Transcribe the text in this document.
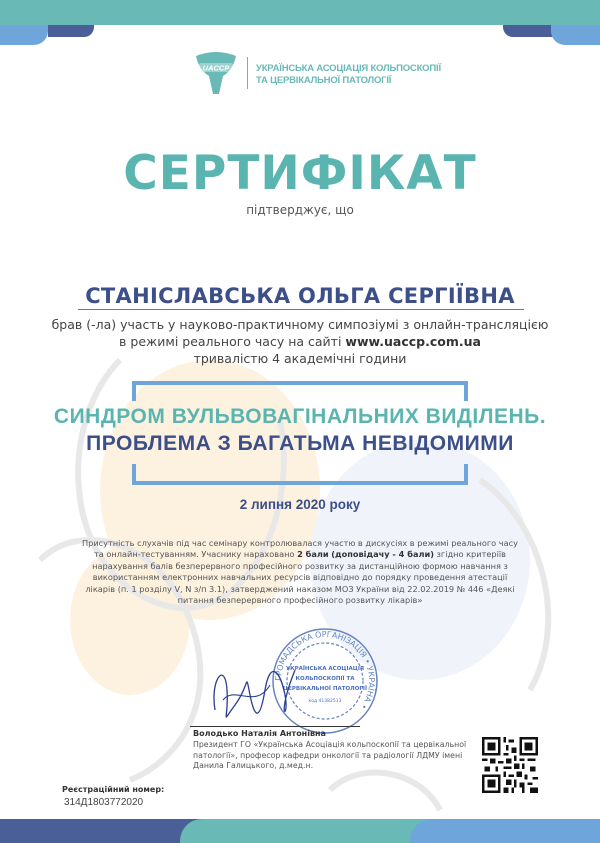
UACCP	УКРАЇНСЬКА АСОЦІАЦІЯ КОЛЬПОСКОПІЇ
ТА ЦЕРВІКАЛЬНОЇ ПАТОЛОГІЇ
СЕРТИФІКАТ
підтверджує, що
СТАНІСЛАВСЬКА ОЛЬГА СЕРГІЇВНА
брав (-ла) участь у науково-практичному симпозіумі з онлайн-трансляцією
в режимі реального часу на сайті www.uaccp.com.ua
тривалістю 4 академічні години
СИНДРОМ ВУЛЬВОВАГІНАЛЬНИХ ВИДІЛЕНЬ.
ПРОБЛЕМА З БАГАТЬМА НЕВІДОМИМИ
2 липня 2020 року
Присутність слухачів під час семінару контролювалася участю в дискусіях в режимі реального часу та онлайн-тестуванням. Учаснику нараховано 2 бали (доповідачу - 4 бали) згідно критеріїв нарахування балів безперервного професійного розвитку за дистанційною формою навчання з використанням електронних навчальних ресурсів відповідно до порядку проведення атестації лікарів (п. 1 розділу V, N з/п 3.1), затверджений наказом МОЗ України від 22.02.2019 № 446 «Деякі питання безперервного професійного розвитку лікарів»
ГРОМАДСЬКА ОРГАНІЗАЦІЯ • УКРАЇНА •
УКРАЇНСЬКА АСОЦІАЦІЯ
КОЛЬПОСКОПІЇ ТА
ЦЕРВІКАЛЬНОЇ ПАТОЛОГІЇ
код 41382513
Володько Наталія Антонівна
Президент ГО «Українська Асоціація кольпоскопії та цервікальної патології», професор кафедри онкології та радіології ЛДМУ імені Данила Галицького, д.мед.н.
Реєстраційний номер:
314Д1803772020
